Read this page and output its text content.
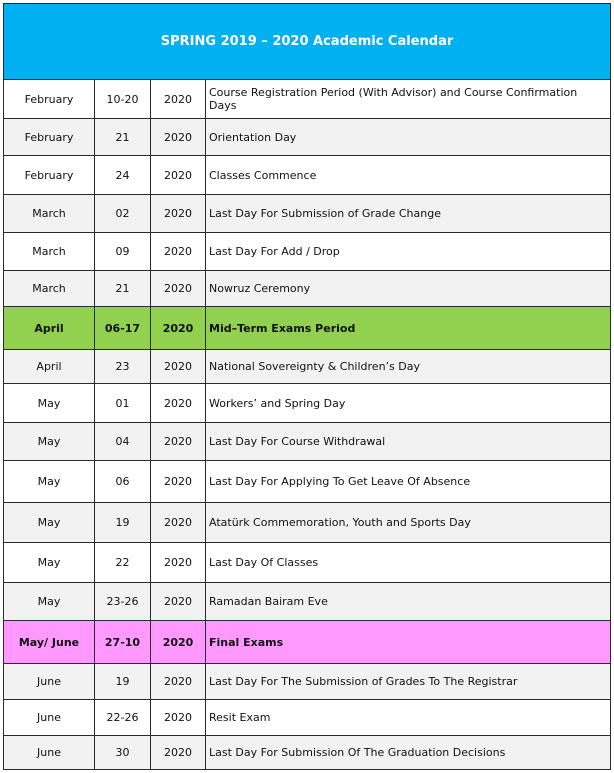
SPRING 2019 – 2020 Academic Calendar			
February	10-20	2020	Course Registration Period (With Advisor) and Course Confirmation Days
February	21	2020	Orientation Day
February	24	2020	Classes Commence
March	02	2020	Last Day For Submission of Grade Change
March	09	2020	Last Day For Add / Drop
March	21	2020	Nowruz Ceremony
April	06-17	2020	Mid–Term Exams Period
April	23	2020	National Sovereignty & Children’s Day
May	01	2020	Workers’ and Spring Day
May	04	2020	Last Day For Course Withdrawal
May	06	2020	Last Day For Applying To Get Leave Of Absence
May	19	2020	Atatürk Commemoration, Youth and Sports Day
May	22	2020	Last Day Of Classes
May	23-26	2020	Ramadan Bairam Eve
May/ June	27-10	2020	Final Exams
June	19	2020	Last Day For The Submission of Grades To The Registrar
June	22-26	2020	Resit Exam
June	30	2020	Last Day For Submission Of The Graduation Decisions
